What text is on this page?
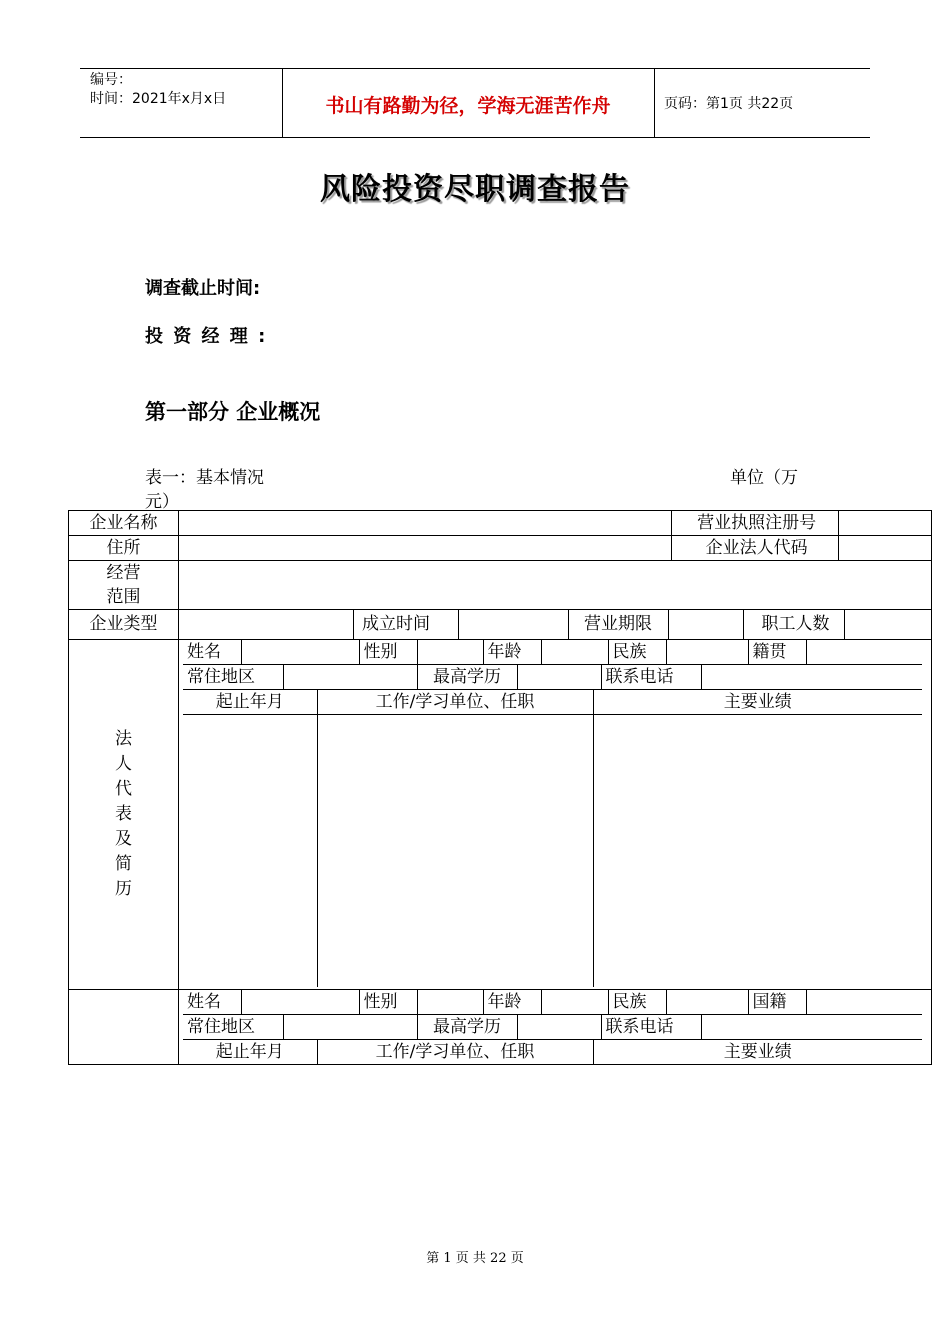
编号：
时间：2021年x月x日	书山有路勤为径，学海无涯苦作舟	页码：第1页 共22页
风险投资尽职调查报告
调查截止时间:
投 资 经 理 :
第一部分 企业概况
表一：基本情况	单位（万
元）
企业名称		营业执照注册号

住所		企业法人代码

经营
范围

企业类型			成立时间		营业期限		职工人数

法人代表及简历	
姓名		性别		年龄		民族		籍贯	
常住地区		最高学历		联系电话	
起止年月	工作/学习单位、任职	主要业绩

姓名		性别		年龄		民族		国籍	
常住地区		最高学历		联系电话	
起止年月	工作/学习单位、任职	主要业绩
第 1 页 共 22 页
